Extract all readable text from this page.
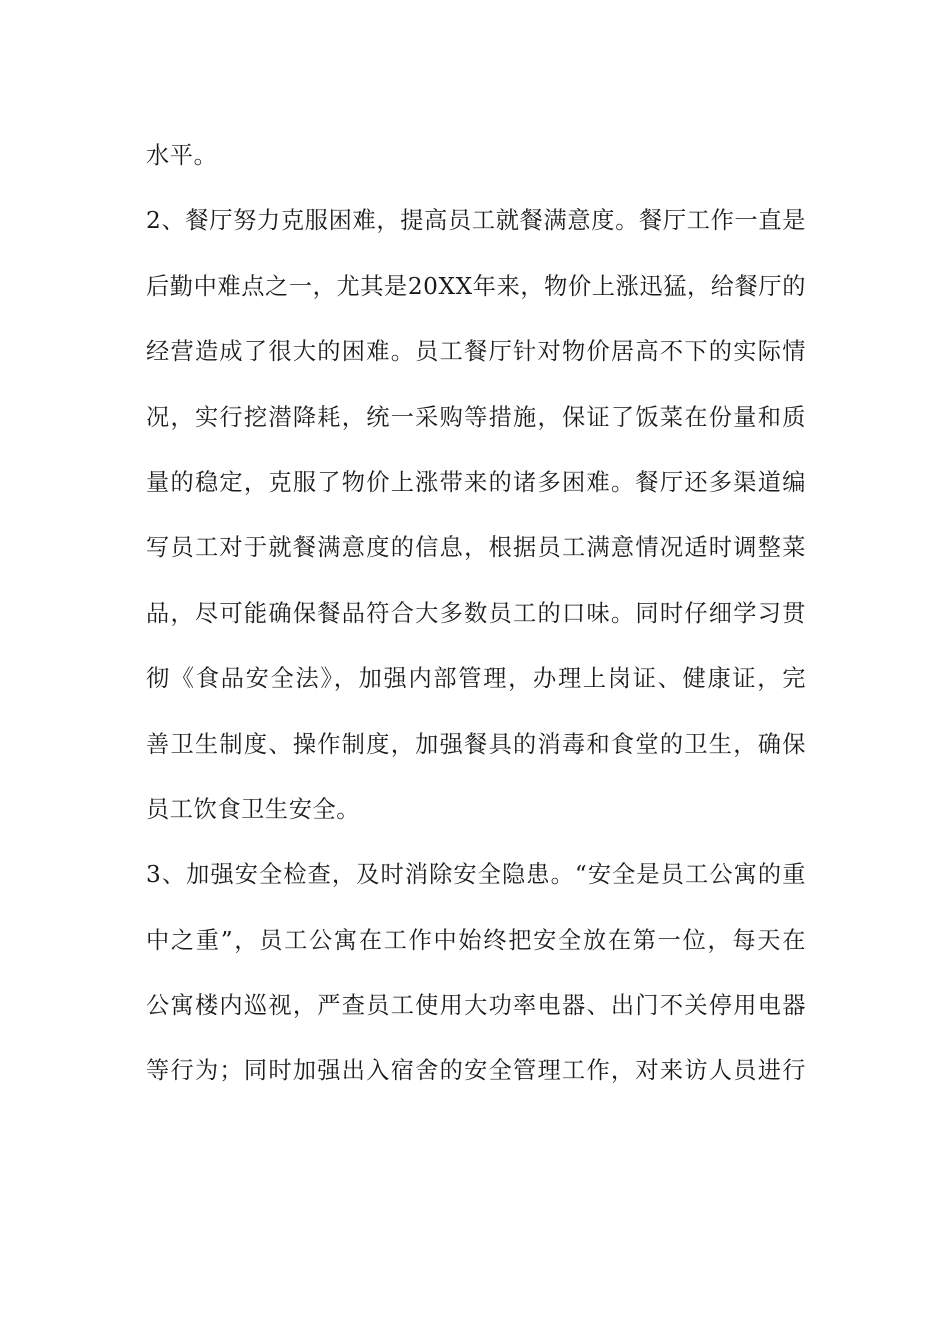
水平。
2、餐厅努力克服困难，提高员工就餐满意度。餐厅工作一直是
后勤中难点之一，尤其是20XX年来，物价上涨迅猛，给餐厅的
经营造成了很大的困难。员工餐厅针对物价居高不下的实际情
况，实行挖潜降耗，统一采购等措施，保证了饭菜在份量和质
量的稳定，克服了物价上涨带来的诸多困难。餐厅还多渠道编
写员工对于就餐满意度的信息，根据员工满意情况适时调整菜
品，尽可能确保餐品符合大多数员工的口味。同时仔细学习贯
彻《食品安全法》，加强内部管理，办理上岗证、健康证，完
善卫生制度、操作制度，加强餐具的消毒和食堂的卫生，确保
员工饮食卫生安全。
3、加强安全检查，及时消除安全隐患。“安全是员工公寓的重
中之重”，员工公寓在工作中始终把安全放在第一位，每天在
公寓楼内巡视，严查员工使用大功率电器、出门不关停用电器
等行为；同时加强出入宿舍的安全管理工作，对来访人员进行
